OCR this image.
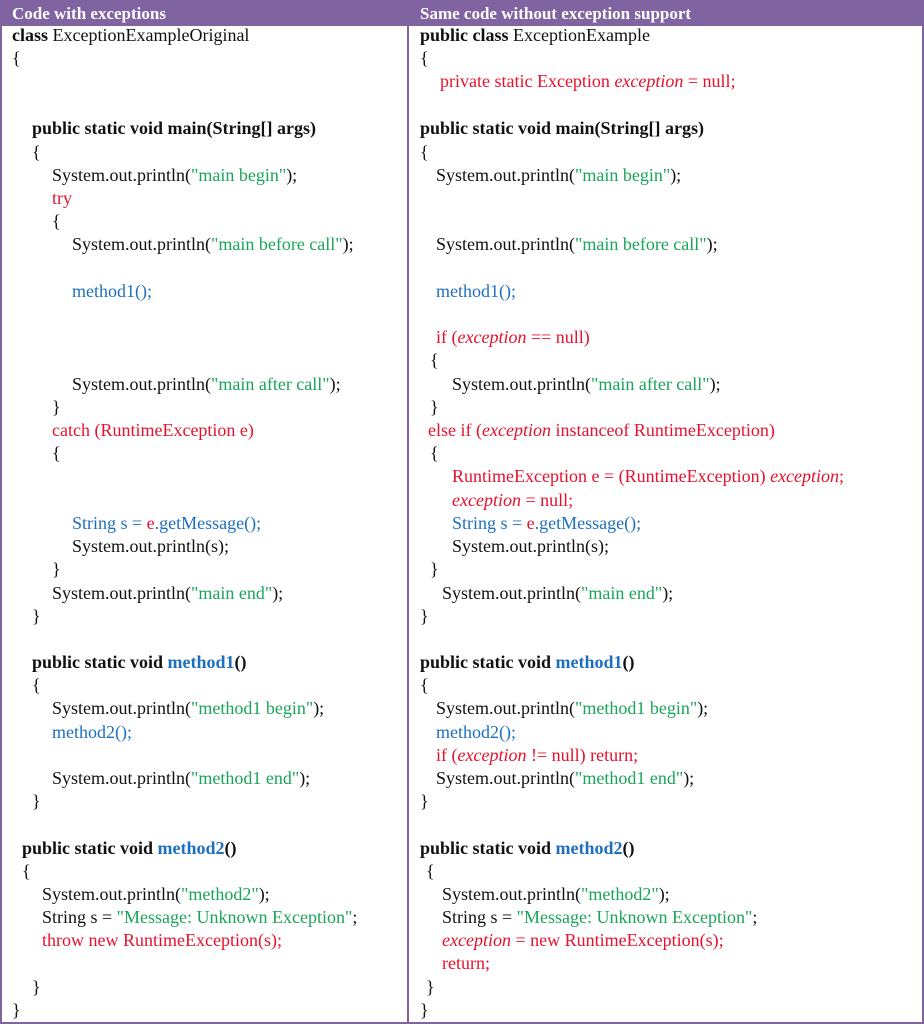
Code with exceptions	Same code without exception support
class ExceptionExampleOriginal
{
public static void main(String[] args)
{
System.out.println("main begin");
try
{
System.out.println("main before call");
method1();
System.out.println("main after call");
}
catch (RuntimeException e)
{
String s = e.getMessage();
System.out.println(s);
}
System.out.println("main end");
}
public static void method1()
{
System.out.println("method1 begin");
method2();
System.out.println("method1 end");
}
public static void method2()
{
System.out.println("method2");
String s = "Message: Unknown Exception";
throw new RuntimeException(s);
}
}
public class ExceptionExample
{
private static Exception exception = null;
public static void main(String[] args)
{
System.out.println("main begin");
System.out.println("main before call");
method1();
if (exception == null)
{
System.out.println("main after call");
}
else if (exception instanceof RuntimeException)
{
RuntimeException e = (RuntimeException) exception;
exception = null;
String s = e.getMessage();
System.out.println(s);
}
System.out.println("main end");
}
public static void method1()
{
System.out.println("method1 begin");
method2();
if (exception != null) return;
System.out.println("method1 end");
}
public static void method2()
{
System.out.println("method2");
String s = "Message: Unknown Exception";
exception = new RuntimeException(s);
return;
}
}
